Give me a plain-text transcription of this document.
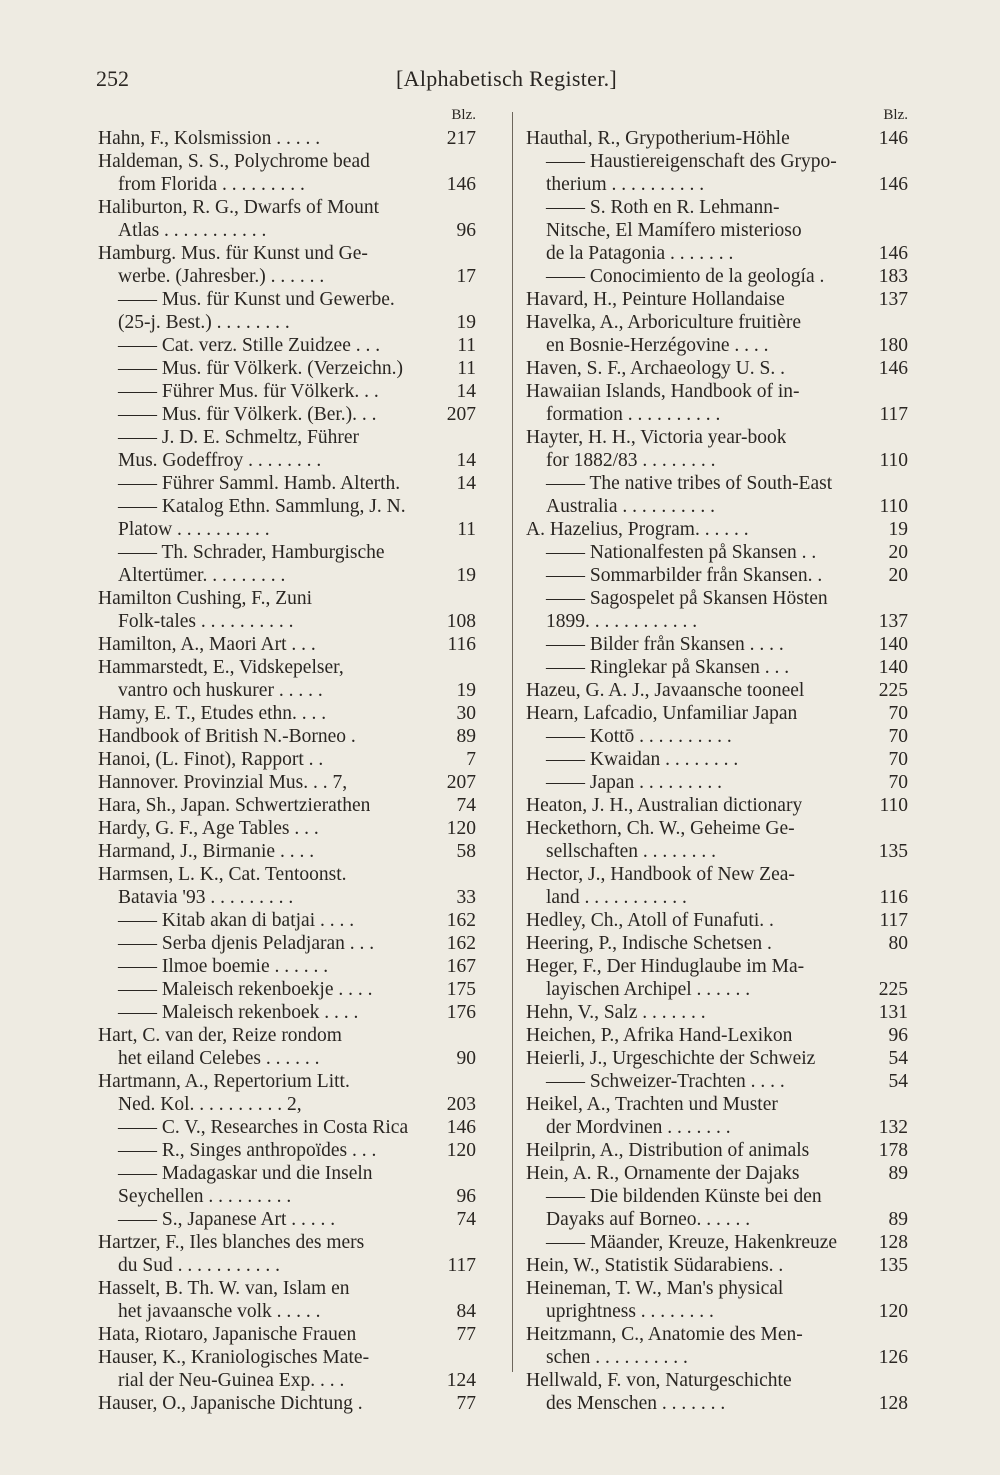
252	[Alphabetisch Register.]
Blz.
Hahn, F., Kolsmission . . . . .	217
Haldeman, S. S., Polychrome bead
from Florida . . . . . . . . .	146
Haliburton, R. G., Dwarfs of Mount
Atlas . . . . . . . . . . .	96
Hamburg. Mus. für Kunst und Ge-
werbe. (Jahresber.) . . . . . .	17
—— Mus. für Kunst und Gewerbe.
(25-j. Best.) . . . . . . . .	19
—— Cat. verz. Stille Zuidzee . . .	11
—— Mus. für Völkerk. (Verzeichn.)	11
—— Führer Mus. für Völkerk. . .	14
—— Mus. für Völkerk. (Ber.). . .	207
—— J. D. E. Schmeltz, Führer
Mus. Godeffroy . . . . . . . .	14
—— Führer Samml. Hamb. Alterth.	14
—— Katalog Ethn. Sammlung, J. N.
Platow . . . . . . . . . .	11
—— Th. Schrader, Hamburgische
Altertümer. . . . . . . . .	19
Hamilton Cushing, F., Zuni
Folk-tales . . . . . . . . . .	108
Hamilton, A., Maori Art . . .	116
Hammarstedt, E., Vidskepelser,
vantro och huskurer . . . . .	19
Hamy, E. T., Etudes ethn. . . .	30
Handbook of British N.-Borneo .	89
Hanoi, (L. Finot), Rapport . .	7
Hannover. Provinzial Mus. . . 7,	207
Hara, Sh., Japan. Schwertzierathen	74
Hardy, G. F., Age Tables . . .	120
Harmand, J., Birmanie . . . .	58
Harmsen, L. K., Cat. Tentoonst.
Batavia '93 . . . . . . . . .	33
—— Kitab akan di batjai . . . .	162
—— Serba djenis Peladjaran . . .	162
—— Ilmoe boemie . . . . . .	167
—— Maleisch rekenboekje . . . .	175
—— Maleisch rekenboek . . . .	176
Hart, C. van der, Reize rondom
het eiland Celebes . . . . . .	90
Hartmann, A., Repertorium Litt.
Ned. Kol. . . . . . . . . . 2,	203
—— C. V., Researches in Costa Rica 146
—— R., Singes anthropoïdes . . .	120
—— Madagaskar und die Inseln
Seychellen . . . . . . . . .	96
—— S., Japanese Art . . . . .	74
Hartzer, F., Iles blanches des mers
du Sud . . . . . . . . . . .	117
Hasselt, B. Th. W. van, Islam en
het javaansche volk . . . . .	84
Hata, Riotaro, Japanische Frauen	77
Hauser, K., Kraniologisches Mate-
rial der Neu-Guinea Exp. . . .	124
Hauser, O., Japanische Dichtung .	77
Blz.
Hauthal, R., Grypotherium-Höhle	146
—— Haustiereigenschaft des Grypo-
therium . . . . . . . . . .	146
—— S. Roth en R. Lehmann-
Nitsche, El Mamífero misterioso
de la Patagonia . . . . . . .	146
—— Conocimiento de la geología .	183
Havard, H., Peinture Hollandaise	137
Havelka, A., Arboriculture fruitière
en Bosnie-Herzégovine . . . .	180
Haven, S. F., Archaeology U. S. .	146
Hawaiian Islands, Handbook of in-
formation . . . . . . . . . .	117
Hayter, H. H., Victoria year-book
for 1882/83 . . . . . . . .	110
—— The native tribes of South-East
Australia . . . . . . . . . .	110
A. Hazelius, Program. . . . . .	19
—— Nationalfesten på Skansen . .	20
—— Sommarbilder från Skansen. .	20
—— Sagospelet på Skansen Hösten
1899. . . . . . . . . . . .	137
—— Bilder från Skansen . . . .	140
—— Ringlekar på Skansen . . .	140
Hazeu, G. A. J., Javaansche tooneel	225
Hearn, Lafcadio, Unfamiliar Japan	70
—— Kottō . . . . . . . . . .	70
—— Kwaidan . . . . . . . .	70
—— Japan . . . . . . . . .	70
Heaton, J. H., Australian dictionary	110
Heckethorn, Ch. W., Geheime Ge-
sellschaften . . . . . . . .	135
Hector, J., Handbook of New Zea-
land . . . . . . . . . . .	116
Hedley, Ch., Atoll of Funafuti. .	117
Heering, P., Indische Schetsen .	80
Heger, F., Der Hinduglaube im Ma-
layischen Archipel . . . . . .	225
Hehn, V., Salz . . . . . . .	131
Heichen, P., Afrika Hand-Lexikon	96
Heierli, J., Urgeschichte der Schweiz	54
—— Schweizer-Trachten . . . .	54
Heikel, A., Trachten und Muster
der Mordvinen . . . . . . .	132
Heilprin, A., Distribution of animals	178
Hein, A. R., Ornamente der Dajaks	89
—— Die bildenden Künste bei den
Dayaks auf Borneo. . . . . .	89
—— Mäander, Kreuze, Hakenkreuze 128
Hein, W., Statistik Südarabiens. .	135
Heineman, T. W., Man's physical
uprightness . . . . . . . .	120
Heitzmann, C., Anatomie des Men-
schen . . . . . . . . . .	126
Hellwald, F. von, Naturgeschichte
des Menschen . . . . . . .	128
